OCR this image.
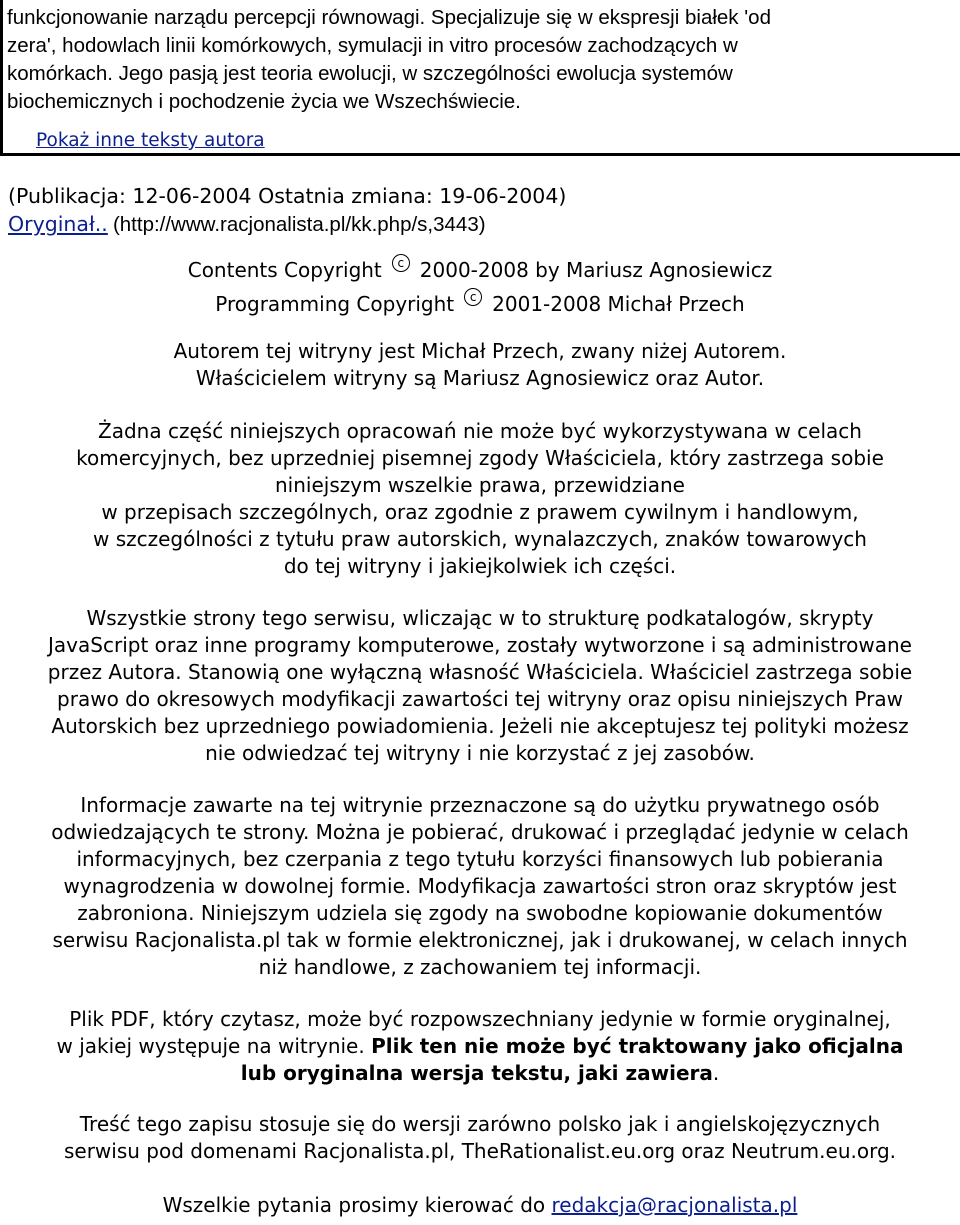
funkcjonowanie narządu percepcji równowagi. Specjalizuje się w ekspresji białek 'od
zera', hodowlach linii komórkowych, symulacji in vitro procesów zachodzących w
komórkach. Jego pasją jest teoria ewolucji, w szczególności ewolucja systemów
biochemicznych i pochodzenie życia we Wszechświecie.
Pokaż inne teksty autora
(Publikacja: 12-06-2004 Ostatnia zmiana: 19-06-2004)
Oryginał.. (http://www.racjonalista.pl/kk.php/s,3443)
Contents Copyright c 2000-2008 by Mariusz Agnosiewicz
Programming Copyright c 2001-2008 Michał Przech
Autorem tej witryny jest Michał Przech, zwany niżej Autorem.
Właścicielem witryny są Mariusz Agnosiewicz oraz Autor.
Żadna część niniejszych opracowań nie może być wykorzystywana w celach
komercyjnych, bez uprzedniej pisemnej zgody Właściciela, który zastrzega sobie
niniejszym wszelkie prawa, przewidziane
w przepisach szczególnych, oraz zgodnie z prawem cywilnym i handlowym,
w szczególności z tytułu praw autorskich, wynalazczych, znaków towarowych
do tej witryny i jakiejkolwiek ich części.
Wszystkie strony tego serwisu, wliczając w to strukturę podkatalogów, skrypty
JavaScript oraz inne programy komputerowe, zostały wytworzone i są administrowane
przez Autora. Stanowią one wyłączną własność Właściciela. Właściciel zastrzega sobie
prawo do okresowych modyfikacji zawartości tej witryny oraz opisu niniejszych Praw
Autorskich bez uprzedniego powiadomienia. Jeżeli nie akceptujesz tej polityki możesz
nie odwiedzać tej witryny i nie korzystać z jej zasobów.
Informacje zawarte na tej witrynie przeznaczone są do użytku prywatnego osób
odwiedzających te strony. Można je pobierać, drukować i przeglądać jedynie w celach
informacyjnych, bez czerpania z tego tytułu korzyści finansowych lub pobierania
wynagrodzenia w dowolnej formie. Modyfikacja zawartości stron oraz skryptów jest
zabroniona. Niniejszym udziela się zgody na swobodne kopiowanie dokumentów
serwisu Racjonalista.pl tak w formie elektronicznej, jak i drukowanej, w celach innych
niż handlowe, z zachowaniem tej informacji.
Plik PDF, który czytasz, może być rozpowszechniany jedynie w formie oryginalnej,
w jakiej występuje na witrynie. Plik ten nie może być traktowany jako oficjalna
lub oryginalna wersja tekstu, jaki zawiera.
Treść tego zapisu stosuje się do wersji zarówno polsko jak i angielskojęzycznych
serwisu pod domenami Racjonalista.pl, TheRationalist.eu.org oraz Neutrum.eu.org.
Wszelkie pytania prosimy kierować do redakcja@racjonalista.pl
